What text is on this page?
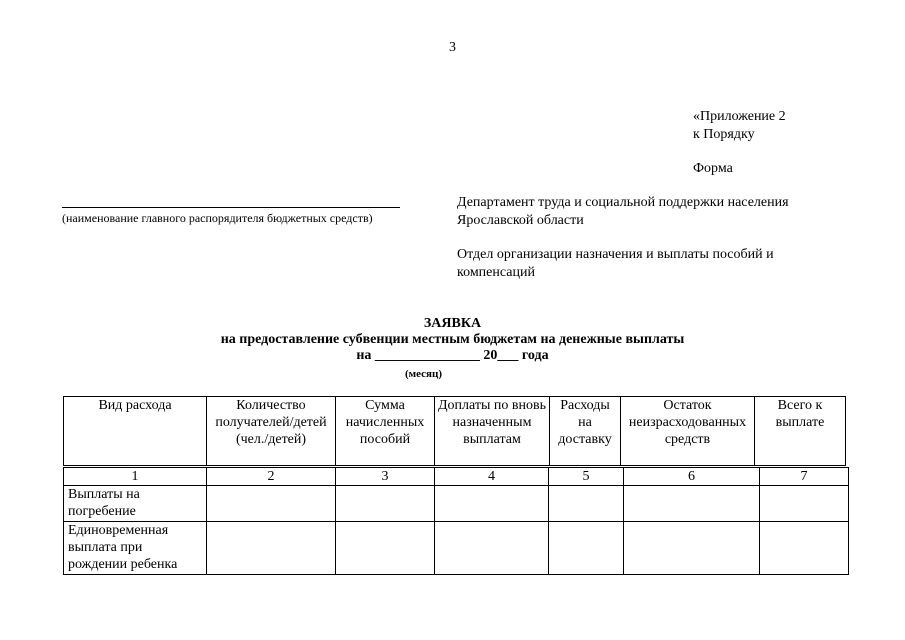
3
«Приложение 2
к Порядку
Форма
(наименование главного распорядителя бюджетных средств)
Департамент труда и социальной поддержки населения Ярославской области
Отдел организации назначения и выплаты пособий и компенсаций
ЗАЯВКА
на предоставление субвенции местным бюджетам на денежные выплаты
на _______________ 20___ года
(месяц)
Вид расхода	Количество получателей/детей (чел./детей)	Сумма начисленных пособий	Доплаты по вновь назначенным выплатам	Расходы на доставку	Остаток неизрасходованных средств	Всего к выплате
1	2	3	4	5	6	7
Выплаты на погребение						
Единовременная выплата при рождении ребенка						
